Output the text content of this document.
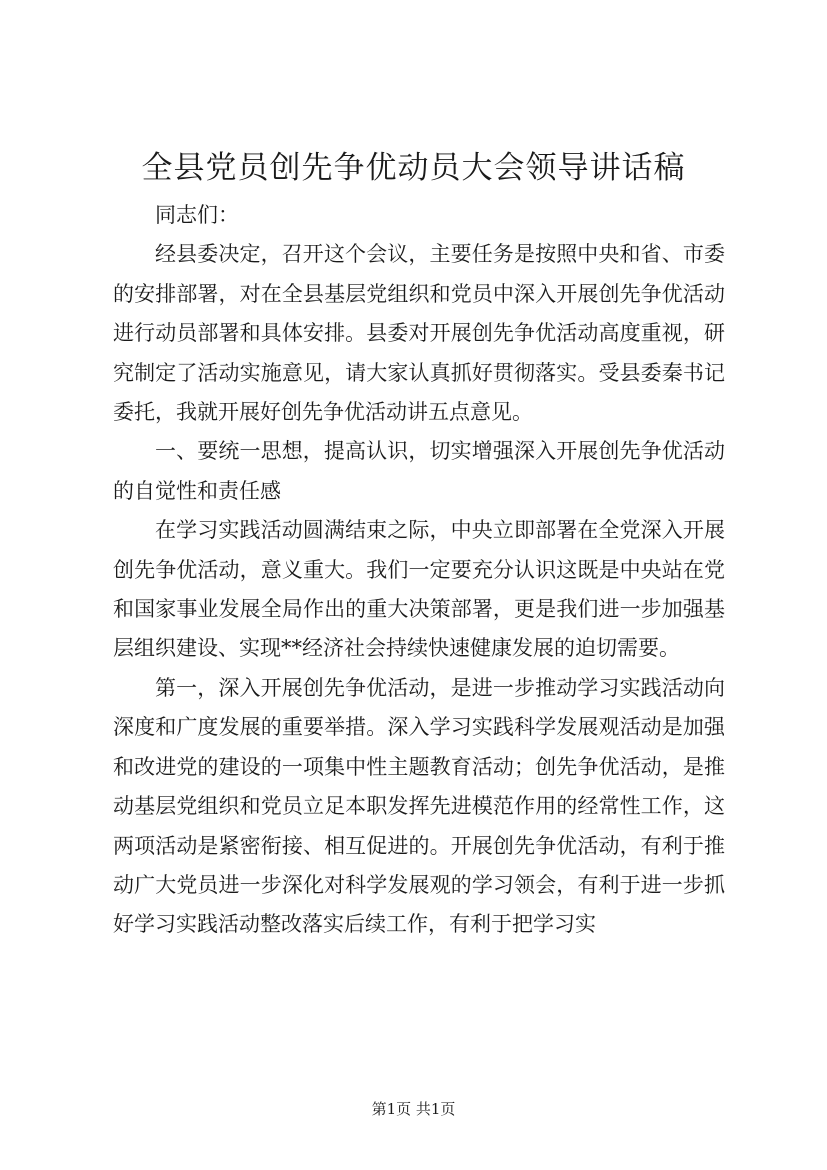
全县党员创先争优动员大会领导讲话稿

同志们：

经县委决定，召开这个会议，主要任务是按照中央和省、市委的安排部署，对在全县基层党组织和党员中深入开展创先争优活动进行动员部署和具体安排。县委对开展创先争优活动高度重视，研究制定了活动实施意见，请大家认真抓好贯彻落实。受县委秦书记委托，我就开展好创先争优活动讲五点意见。

一、要统一思想，提高认识，切实增强深入开展创先争优活动的自觉性和责任感

在学习实践活动圆满结束之际，中央立即部署在全党深入开展创先争优活动，意义重大。我们一定要充分认识这既是中央站在党和国家事业发展全局作出的重大决策部署，更是我们进一步加强基层组织建设、实现**经济社会持续快速健康发展的迫切需要。

第一，深入开展创先争优活动，是进一步推动学习实践活动向深度和广度发展的重要举措。深入学习实践科学发展观活动是加强和改进党的建设的一项集中性主题教育活动；创先争优活动，是推动基层党组织和党员立足本职发挥先进模范作用的经常性工作，这两项活动是紧密衔接、相互促进的。开展创先争优活动，有利于推动广大党员进一步深化对科学发展观的学习领会，有利于进一步抓好学习实践活动整改落实后续工作，有利于把学习实

第1页 共1页
